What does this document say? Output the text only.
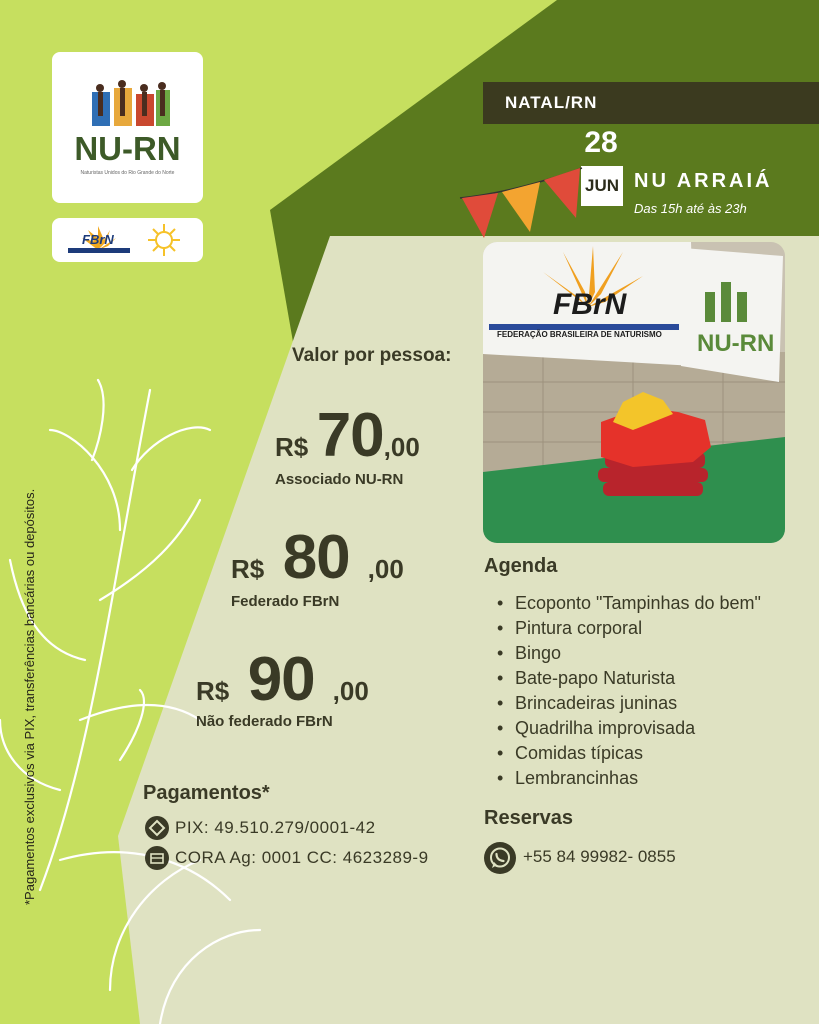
NU-RN
Naturistas Unidos do Rio Grande do Norte
FBrN
NATAL/RN
28
JUN NU ARRAIÁ
Das 15h até às 23h
FBrN
FEDERAÇÃO BRASILEIRA DE NATURISMO NU-RN
Valor por pessoa:
R$ 70,00
Associado NU-RN
R$ 80 ,00
Federado FBrN
R$ 90 ,00
Não federado FBrN
Pagamentos*
PIX: 49.510.279/0001-42
CORA Ag: 0001 CC: 4623289-9
Agenda
• Ecoponto "Tampinhas do bem"
• Pintura corporal
• Bingo
• Bate-papo Naturista
• Brincadeiras juninas
• Quadrilha improvisada
• Comidas típicas
• Lembrancinhas
Reservas
+55 84 99982- 0855
*Pagamentos exclusivos via PIX, transferências bancárias ou depósitos.
